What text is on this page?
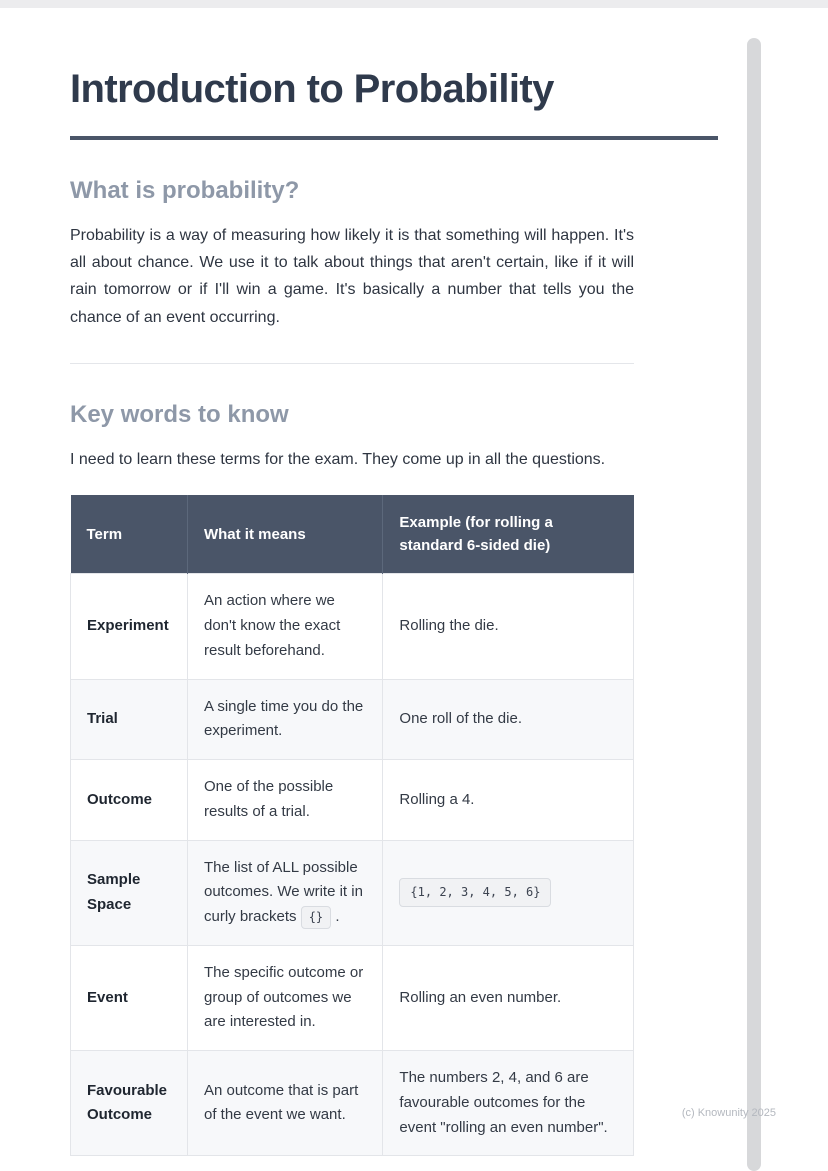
Introduction to Probability
What is probability?

Probability is a way of measuring how likely it is that something will happen. It's all about chance. We use it to talk about things that aren't certain, like if it will rain tomorrow or if I'll win a game. It's basically a number that tells you the chance of an event occurring.

Key words to know

I need to learn these terms for the exam. They come up in all the questions.

Term	What it means	Example (for rolling a standard 6-sided die)
Experiment	An action where we don't know the exact result beforehand.	Rolling the die.
Trial	A single time you do the experiment.	One roll of the die.
Outcome	One of the possible results of a trial.	Rolling a 4.
Sample Space	The list of ALL possible outcomes. We write it in curly brackets {} .	{1, 2, 3, 4, 5, 6}
Event	The specific outcome or group of outcomes we are interested in.	Rolling an even number.
Favourable Outcome	An outcome that is part of the event we want.	The numbers 2, 4, and 6 are favourable outcomes for the event "rolling an even number".
(c) Knowunity 2025
